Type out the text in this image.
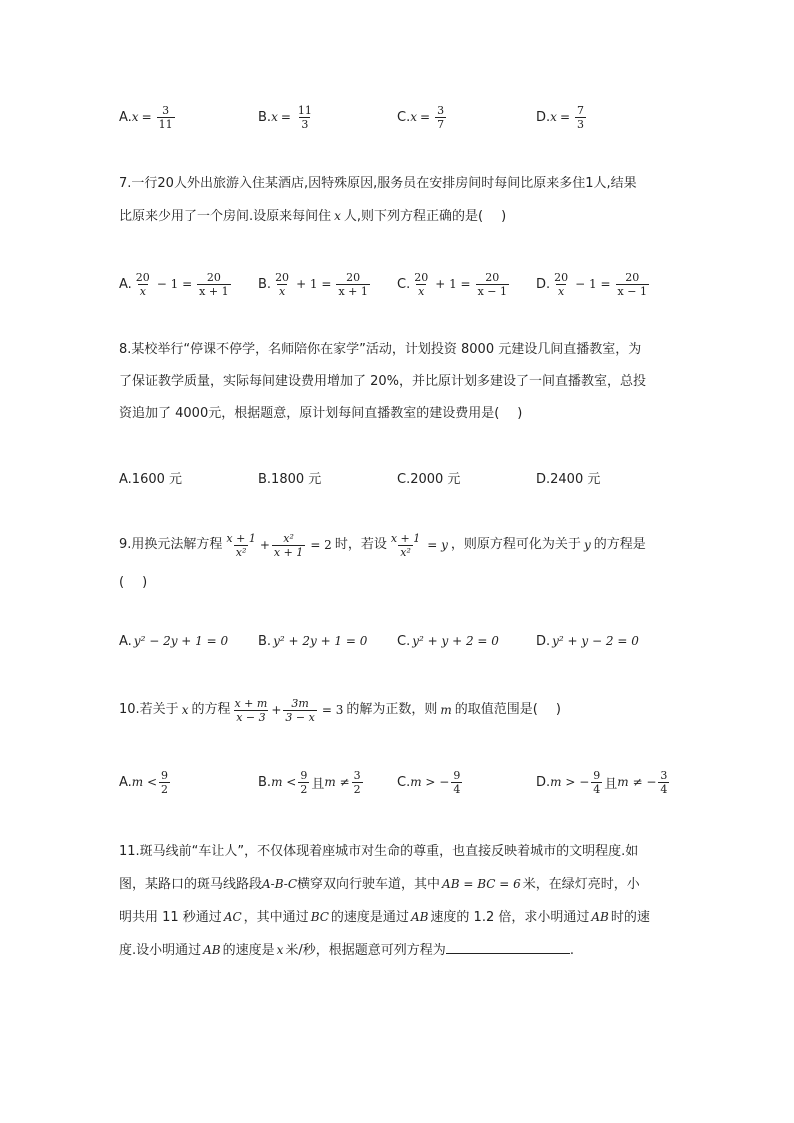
A. $x = \frac{3}{11}$	B. $x = \frac{11}{3}$	C. $x = \frac{3}{7}$	D. $x = \frac{7}{3}$
7.一行20人外出旅游入住某酒店,因特殊原因,服务员在安排房间时每间比原来多住1人,结果
比原来少用了一个房间.设原来每间住 x 人,则下列方程正确的是( )
A. $\frac{20}{x} - 1 = \frac{20}{x + 1} B$. $\frac{20}{x} + 1 = \frac{20}{x + 1} C$. $\frac{20}{x} + 1 = \frac{20}{x - 1} D$. $\frac{20}{x} - 1 = \frac{20}{x - 1}$
8.某校举行“停课不停学，名师陪你在家学”活动，计划投资 8000 元建设几间直播教室，为
了保证教学质量，实际每间建设费用增加了 20%，并比原计划多建设了一间直播教室，总投
资追加了 4000元，根据题意，原计划每间直播教室的建设费用是( )
A.1600 元	B.1800 元	C.2000 元	D.2400 元
9.用换元法解方程 $\frac{x + 1}{\text{x²}} + \frac{\text{x²}}{x + 1} = 2$ 时，若设 $\frac{x + 1}{\text{x²}} = y$ ，则原方程可化为关于 y 的方程是
( )
A. y² − 2y + 1 = 0 B. y² + 2y + 1 = 0 C. y² + y + 2 = 0	D. y² + y − 2 = 0
10.若关于 x 的方程 $\frac{x + m}{x - 3} + \frac{3m}{3 - x} = 3$ 的解为正数，则 m 的取值范围是( )
A. $m < \frac{9}{2}$	B. $m < \frac{9}{2}$ 且 $m \ne \frac{3}{2}$	C. m > − $\frac{9}{4}$	D. m > − $\frac{9}{4}$ 且 m ≠ − $\frac{3}{4}$
11.斑马线前“车让人”，不仅体现着座城市对生命的尊重，也直接反映着城市的文明程度.如
图，某路口的斑马线路段A-B-C横穿双向行驶车道，其中 AB = BC = 6 米，在绿灯亮时，小
明共用 11 秒通过 AC ，其中通过 BC 的速度是通过 AB 速度的 1.2 倍，求小明通过 AB 时的速
度.设小明通过 AB 的速度是 x 米/秒，根据题意可列方程为	.
